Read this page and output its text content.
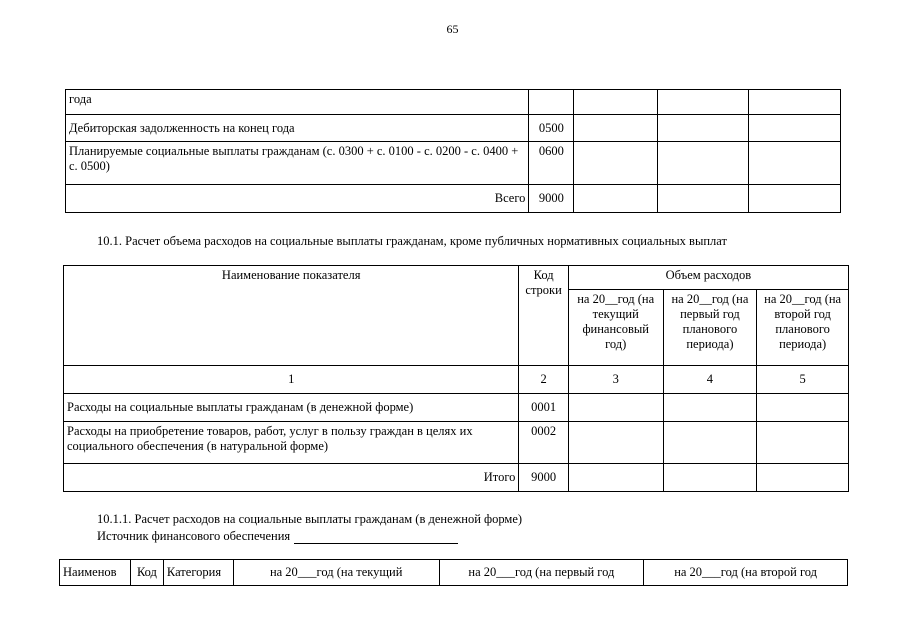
65
года				
Дебиторская задолженность на конец года	0500			
Планируемые социальные выплаты гражданам (с. 0300 + с. 0100 - с. 0200 - с. 0400 + с. 0500)	0600			
Всего	9000			
10.1. Расчет объема расходов на социальные выплаты гражданам, кроме публичных нормативных социальных выплат
Наименование показателя	Код строки	Объем расходов		
		на 20__год (на текущий финансовый год)	на 20__год (на первый год планового периода)	на 20__год (на второй год планового периода)
1	2	3	4	5
Расходы на социальные выплаты гражданам (в денежной форме)	0001			
Расходы на приобретение товаров, работ, услуг в пользу граждан в целях их социального обеспечения (в натуральной форме)	0002			
Итого	9000			
10.1.1. Расчет расходов на социальные выплаты гражданам (в денежной форме)
Источник финансового обеспечения
Наименов	Код	Категория	на 20___год (на текущий	на 20___год (на первый год	на 20___год (на второй год
